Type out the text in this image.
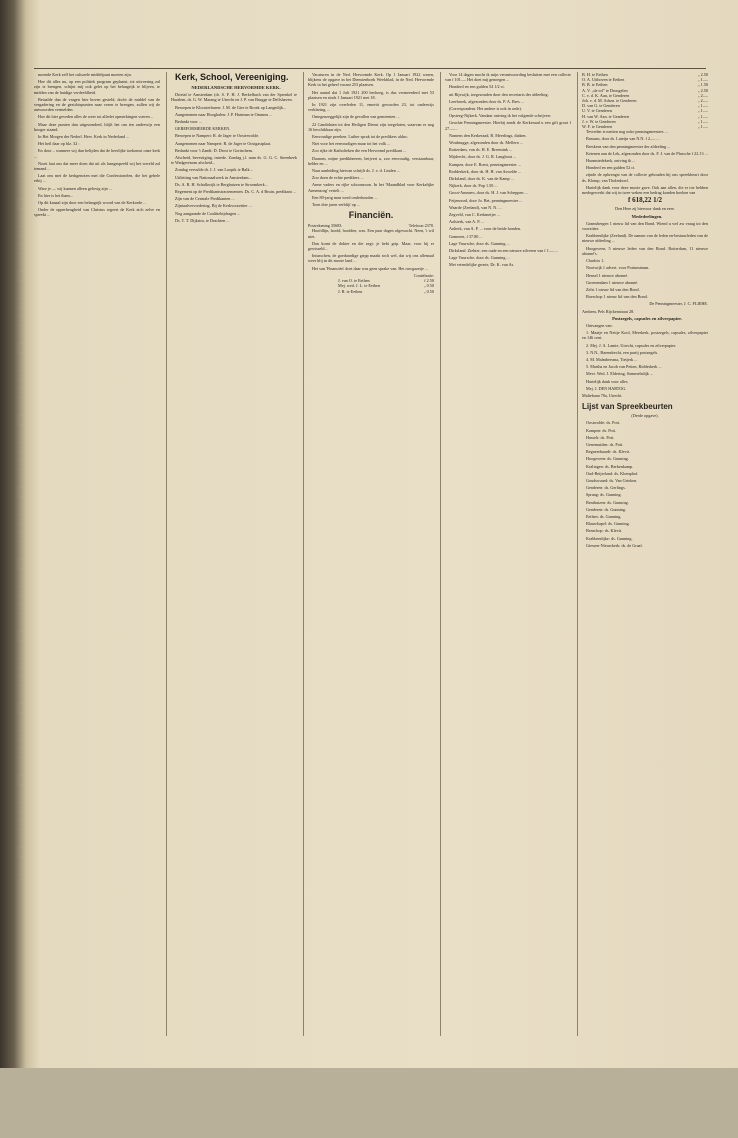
·
·
·
·
·
·
·
·
·
·
·
·
·
·
·
·
·
·
·
·
·
·
·
·
·
·
·
·
·
·
·
·
·
·
·
·
·
·
·
·
·
·
·
·
·
·
·
·
·
·
·
·
·
·
·
·
·
·
·
·
·
·
·
·
·
·
·
·
·
·
·
·
·
·
·
·
·
·
·
·
·
·
·
·
·
·
·
·
·
·

moende Kerk zelf het culturele middelpunt moeten zijn.

Hoe dit alles nu, op een politiek program geplaatst, tot uitvoering zal zijn te brengen, schijnt mij ook gelet op het belangrijk te blijven, te midden van de huidige verdeeldheid.

Betaalde dan de vragen hier boven gesteld, docht de middel van de vergadering en de gezichtspunten naar voren te brengen, zullen wij de antwoorden vermelden.

Hoe dit hier geveden alles de weer tot allerlei opmerkingen voeren...

Maar deze punten dan uitgezonderd, blijft het om ten onderwijs een hooger staand.

In Het Morgen der Nederl. Herv. Kerk in Nederland ...

Het heil daar op blz. 32 :

En door – wanneer wij dan belijden dat de heerlijke toekomst onze kerk ...

Nooit laat ons dat meer doen dat uit als lansgespeeld wij het wereld zal iemand ...

Laat ons met de kerkgenoten met die Confessionelen, die het gehele erbij ...

Ware je — wij kunnen alleen gelovig zijn ...

En hier is het thans...

Op dit kanaal zijn door een belangrijk woord van de Kerkorde ...

Onder de opperheugheid van Christus regeert de Kerk zich zelve en spreekt ...

Kerk, School, Vereeniging.

NEDERLANDSCHE HERVORMDE KERK.

Drietal te Amsterdam (dr. S. F. H. J. Berkelbach van der Sprenkel te Haarlem, dr. G. W. Marang te Utrecht en J. P. van Brugge te Delfshaven.

Beroepen te Kloosterburen: J. M. de Gier te Broek op Langedijk...

Aangenomen naar Hooghalen: J. P. Hartman te Ommen ...

Bedankt voor ...

GEREFORMEERDE KERKEN.

Beroepen te Nampert: R. de Jager te Oosterwolde.

Aangenomen naar Nampert: R. de Jager te Oostgastplaat.

Bedankt voor 't Zandt: D. Drost te Gorinchem.

Afscheid, bevestiging, intrede. Zondag j.l. nam ds. G. G. C. Steenbeek te Wadgerenom afscheid...

Zondag vervulde dr. J. J. van Loopik te Balk...

Uitletting van Nationaalwerk in Amsterdam...

Ds. A. R. H. Schalkwijk te Berghuizen te Stroomkerk...

Regement op de Predikantstractementen. Ds. C. A. d Bruin, predikant ...

Zijn van de Centrale Predikanten ...

Zijntaalvervordering. Bij de Kerkvoorzitter ...

Nog aangaande de Coalitiebijdragen ...

Ds. T. T. Dijkstra, te Drachten ...

Vacaturen in de Ned. Hervormde Kerk. Op 1 Januari 1922 waren, blijkens de opgave in het Dienstenboek Weekblad, in de Ned. Hervormde Kerk in het geheel vacant 253 plaatsen.

Het aantal dat 1 Juli 1921 200 bedroeg, is dus vermeerderd met 53 plaatsen en sinds 1 Januari 1921 met 18.

In 1921 zijn overleden 11, emeriti geworden 23, tot onderwijs verklaring, ...

Ontegenzeggelijk zijn de gevallen van gemeenten ...

22 Candidaten tot den Heiligen Dienst zijn toegelaten, waarvan er nog 16 beschikbaar zijn.

Eenvoudige preeken. Luther sprak tot de predikers aldus:

Niet voor het eenvoudigen maar tot het volk ...

Zoo rijke de Katholieken die een Hervormd predikant ...

Daarom, mijne predikheeren, beijvert u, zoo eenvoudig, verstaanbaar, helder en ...

Naar aanleiding hiervan schrijft ds. J. v. d. Linden ...

Zoo doen de echte predikers ...

Arme vaders en rijke schoonzoon. In het 'Maandblad voor Kerkelijke Armenzorg' vertelt ...

Een 80-jarig man werd onderhouden ...

Toen drie jaren verblijf op ...

Financiën.
Postrekening 35683.	Telefoon 2370.

Hoofdlijn, hoofd, hoofden, was. Een paar dagen afgewacht. Neen, 't wil niet.

Dan komt de dokter en die zegt: je hebt grip. Maar, voor hij er gewisseld...

Intusschen, de goedaardige gripp maakt toch wel, dat wij ons allemaal weer blij in dit mooie land ...

Het van 'Financiën' doet daar was geen sprake van. Het ruwgazetje ...

Contributie:
J. van O. te Eethen	f 2.50
Mej. wed. J. L. te Eethen	„ 0.50
J. R. te Eethen	„ 0.50

Voor 14 dagen mocht ik mijn verantwoording besluiten met een collecte van f 101.— Het doet mij genoegen ...

Honderd en een gulden 54 1/2 ct.

uit Rijswijk, toegezonden door den secretaris der afdeeling.

Leerbroek, afgezonden door ds. P. A. Bres ...

(Correspondent. Het andere is ook in orde).

Opsteeg-Nijkerk. Vandaar ontving ik het volgende schrijven:

Geachte Penningmeester. Hierbij zendt de Kerkeraad u een gift groot f 27.—...

Namens den Kerkeraad, B. Meerlings, diaken.

Woubrugge, afgezonden door ds. Mellern ...

Rotterdam, van ds. H. E. Breemink ...

Mijdrecht, door ds. J. G. R. Langhout ...

Kampen, door E. Roest, penningmeester ...

Rodderkerk, door ds. H. H. van Aswelde ...

Dirksland, door ds. K. van de Kamp ...

Nijkerk, door ds. Pop 1.50 ...

Groot-Ammers, door ds. H. J. van Scheppen ...

Feijenoord, door Jo. Bet, penningmeester ...

Waarde (Zeeland), van N. N. ...

Zegveld, van C. Kerkmeijer ...

Aalsterk, van A. P. ...

Aalterk, van A. P. ... voor de beide honden.

Gameren, f 37.80 ...

Lage Vuursche, door ds. Gunning ...

Dirksland. Ziehier, een oude en een nieuwe zilveren van f 1.— ...

Lage Vuursche, door ds. Gunning ...

Met vriendelijke groete, Dr. K. van As.

B. H. te Eethen	„ 2.50
O. A. Uithoven te Eethen	„ 1.—
B. B. te Eethen	„ 1.50
A. V. „de tol” te Drongelen	„ 2.50
C. v. d. K. Aan, te Genderen	„ 2.—
Joh. v. d. M. Adrzn. te Genderen	„ 2.—
D. van G. te Genderen	„ 1.—
U. V. te Genderen	„ 1.—
H. van W. Azn. te Genderen	„ 1.—
J. v. W. te Genderen	„ 1.—
W. F. te Genderen	„ 1.—

Tevreden is metten nog ooke penningmeesters ...

Bussum, door ds. Luteijn van N.N. f 2.— ...

Breskens van den penningmeester der afdeeling ...

Ketenen aan de Lek, afgezonden door ds. F. J. van de Plassche f 22.13 ...

Haamstedekerk, ontving ik ...

Honderd en een gulden 52 ct.

zijnde de opbrengst van de collecte gehouden bij ons spreekbeurt door ds. Klomp, van Tholenhoef.

Hartelijk dank voor deze mooie gave. Ook aan allen, die er toe hebben medegewerkt dat wij in twee weken een bedrag konden boeken van

f 618,22 1/2

Den Here zij hiervoor dank en eere.

Mededeelingen.

Gramsbergen 1 nieuw lid van den Bond. Wiend u wel aw vraag tot den voorzitter.

Krabbendijke (Zeeland). De namen van de leden en-bestuurleden van de nieuwe afdeeling ...

Hoogeveen, 5 nieuwe leden van den Bond. Rotterdam, 11 nieuwe abonné's.

Charlois 1.

Nooiwijk 1 advert. voor Portuminum.

Hensel 1 nieuwe abonné.

Groenendam 1 nieuwe abonné.

Zelst 1 nieuw lid van den Bond.

Boeschop 1 nieuw lid van den Bond.

De Penningmeester, J. C. FLIEHE.

Arnhem, Pels Rijckenstraat 28.

Postzegels, capsules en zilverpapier.

Ontvangen van:

1. Maatje en Nettje Kool, Meerkerk, postzegels, capsules, zilverpapier en 146 cent.

2. Mej. J. A. Lamie, Utrecht, capsules en zilverpapier.

3. N.N., Barendrecht, een partij postzegels.

4. M. Malmbersma, Tietjerk ...

5. Martha en Jacob van Petten, Ridderkerk ...

Mevr. Wed. J. Eldering, Sommelsdijk ...

Hartelijk dank voor alles.

Mej. J. DEN HARTOG.

Maliebaan 70a, Utrecht.

Lijst van Spreekbeurten

(Derde opgave).

Oostwolde: ds. Pott.

Kampen: ds. Pott.

Hasselt: ds. Pott.

Genemuiden: ds. Pott.

Regneerbaardt: ds. Klevit.

Hoogeveen: ds. Gunning.

Kralingen: ds. Berkenkamp.

Oud-Beijerland: ds. Klomphof.

Goudswaard: ds. Van Grieken.

Genderen: ds. Gerlings.

Sprang: ds. Gunning.

Benthuizen: ds. Gunning.

Genderen: ds. Gunning.

Eethen: ds. Gunning.

Blauwkapel: ds. Gunning.

Benschop: ds. Klevit.

Krabbendijke: ds. Gunning.

Giessen-Nieuwkerk: ds. de Graaf.
